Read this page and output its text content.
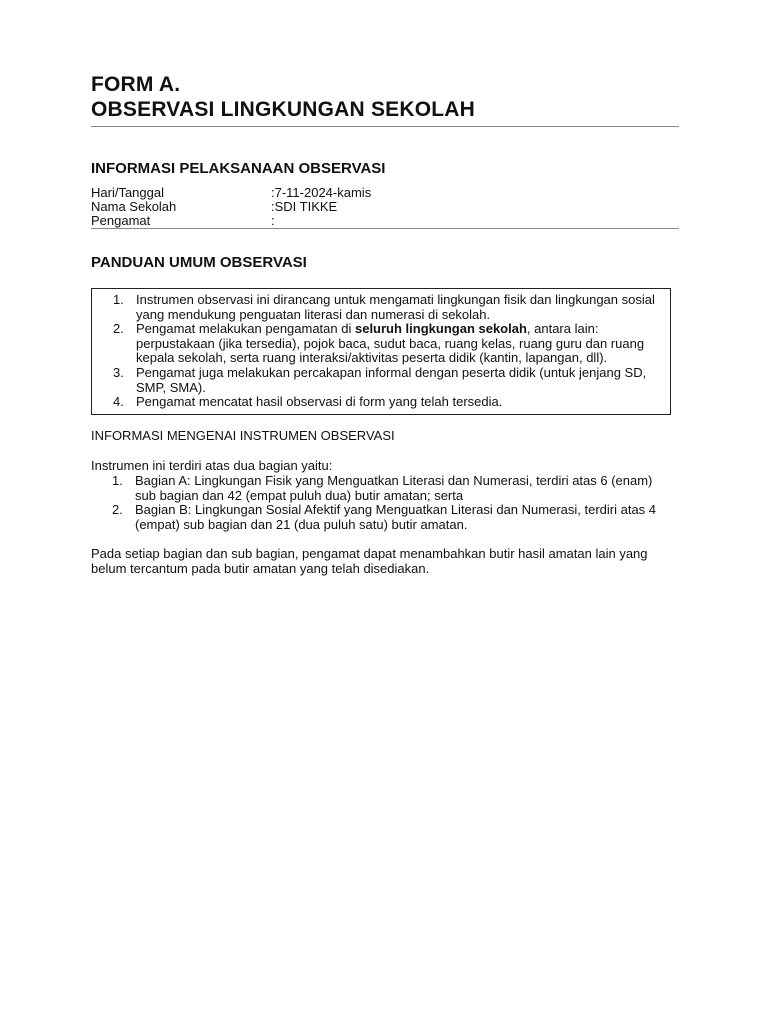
FORM A.
OBSERVASI LINGKUNGAN SEKOLAH
INFORMASI PELAKSANAAN OBSERVASI
Hari/Tanggal	:7-11-2024-kamis
Nama Sekolah	:SDI TIKKE
Pengamat	:
PANDUAN UMUM OBSERVASI
1. Instrumen observasi ini dirancang untuk mengamati lingkungan fisik dan lingkungan sosial yang mendukung penguatan literasi dan numerasi di sekolah.
2. Pengamat melakukan pengamatan di seluruh lingkungan sekolah, antara lain: perpustakaan (jika tersedia), pojok baca, sudut baca, ruang kelas, ruang guru dan ruang kepala sekolah, serta ruang interaksi/aktivitas peserta didik (kantin, lapangan, dll).
3. Pengamat juga melakukan percakapan informal dengan peserta didik (untuk jenjang SD, SMP, SMA).
4. Pengamat mencatat hasil observasi di form yang telah tersedia.

INFORMASI MENGENAI INSTRUMEN OBSERVASI

Instrumen ini terdiri atas dua bagian yaitu:

1. Bagian A: Lingkungan Fisik yang Menguatkan Literasi dan Numerasi, terdiri atas 6 (enam) sub bagian dan 42 (empat puluh dua) butir amatan; serta
2. Bagian B: Lingkungan Sosial Afektif yang Menguatkan Literasi dan Numerasi, terdiri atas 4 (empat) sub bagian dan 21 (dua puluh satu) butir amatan.

Pada setiap bagian dan sub bagian, pengamat dapat menambahkan butir hasil amatan lain yang belum tercantum pada butir amatan yang telah disediakan.
